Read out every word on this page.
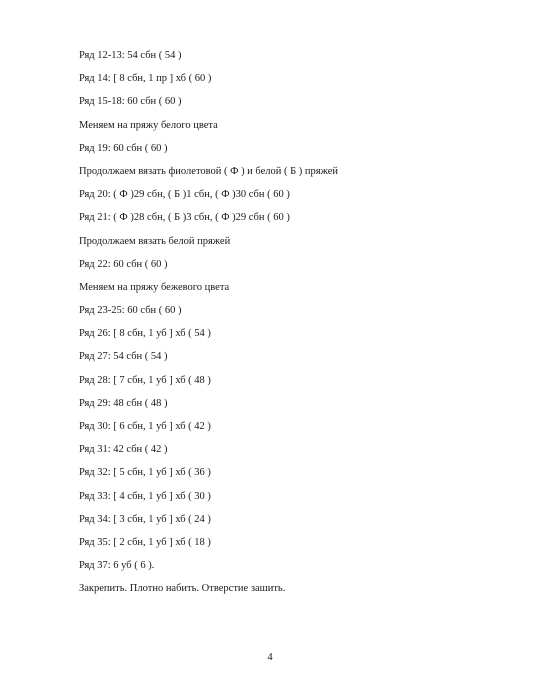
Ряд 12-13: 54 сбн ( 54 )
Ряд 14: [ 8 сбн, 1 пр ] хб ( 60 )
Ряд 15-18: 60 сбн ( 60 )
Меняем на пряжу белого цвета
Ряд 19: 60 сбн ( 60 )
Продолжаем вязать фиолетовой ( Ф ) и белой ( Б ) пряжей
Ряд 20: ( Ф )29 сбн, ( Б )1 сбн, ( Ф )30 сбн ( 60 )
Ряд 21: ( Ф )28 сбн, ( Б )3 сбн, ( Ф )29 сбн ( 60 )
Продолжаем вязать белой пряжей
Ряд 22: 60 сбн ( 60 )
Меняем на пряжу бежевого цвета
Ряд 23-25: 60 сбн ( 60 )
Ряд 26: [ 8 сбн, 1 уб ] хб ( 54 )
Ряд 27: 54 сбн ( 54 )
Ряд 28: [ 7 сбн, 1 уб ] хб ( 48 )
Ряд 29: 48 сбн ( 48 )
Ряд 30: [ 6 сбн, 1 уб ] хб ( 42 )
Ряд 31: 42 сбн ( 42 )
Ряд 32: [ 5 сбн, 1 уб ] хб ( 36 )
Ряд 33: [ 4 сбн, 1 уб ] хб ( 30 )
Ряд 34: [ 3 сбн, 1 уб ] хб ( 24 )
Ряд 35: [ 2 сбн, 1 уб ] хб ( 18 )
Ряд 37: 6 уб ( 6 ).
Закрепить. Плотно набить. Отверстие зашить.
4
